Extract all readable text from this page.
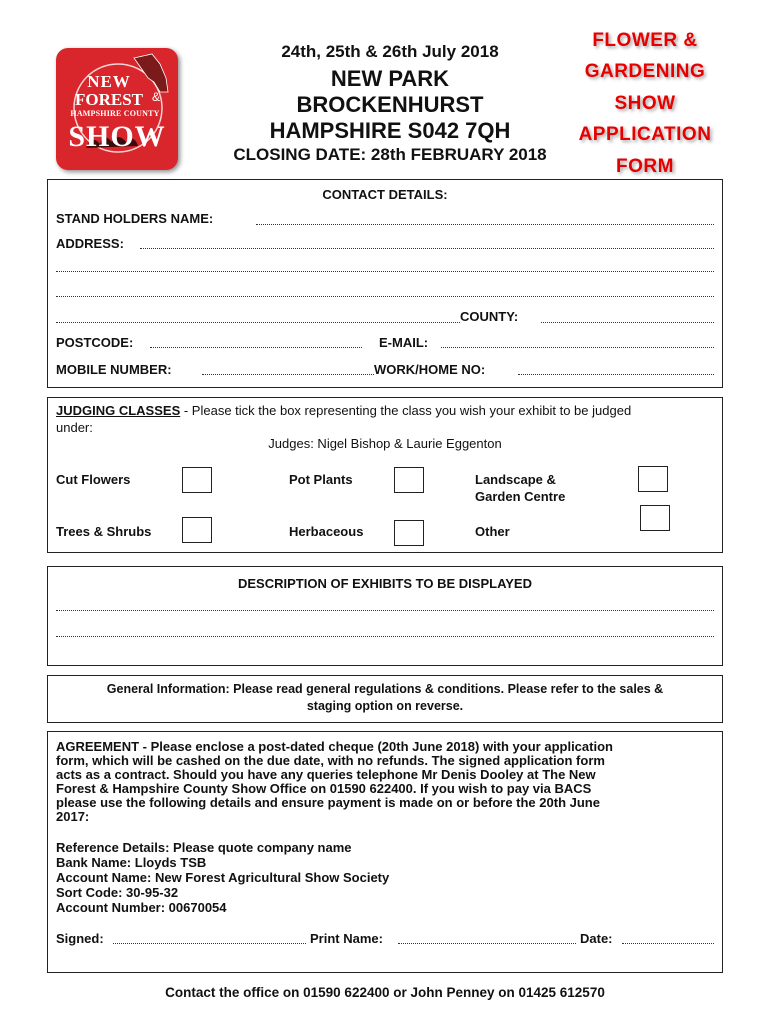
NEW
FOREST &
HAMPSHIRE COUNTY
SHOW
24th, 25th & 26th July 2018
NEW PARK
BROCKENHURST
HAMPSHIRE S042 7QH
CLOSING DATE: 28th FEBRUARY 2018
FLOWER &
GARDENING
SHOW
APPLICATION
FORM
CONTACT DETAILS:
STAND HOLDERS NAME:
ADDRESS:
COUNTY:
POSTCODE:	E-MAIL:
MOBILE NUMBER:	WORK/HOME NO:
JUDGING CLASSES - Please tick the box representing the class you wish your exhibit to be judged
under:
Judges: Nigel Bishop & Laurie Eggenton
Cut Flowers	Pot Plants	Landscape &
Garden Centre
Trees & Shrubs	Herbaceous	Other
DESCRIPTION OF EXHIBITS TO BE DISPLAYED
General Information: Please read general regulations & conditions. Please refer to the sales &
staging option on reverse.
AGREEMENT - Please enclose a post-dated cheque (20th June 2018) with your application
form, which will be cashed on the due date, with no refunds. The signed application form
acts as a contract. Should you have any queries telephone Mr Denis Dooley at The New
Forest & Hampshire County Show Office on 01590 622400. If you wish to pay via BACS
please use the following details and ensure payment is made on or before the 20th June
2017:
Reference Details: Please quote company name
Bank Name: Lloyds TSB
Account Name: New Forest Agricultural Show Society
Sort Code: 30-95-32
Account Number: 00670054
Signed:	Print Name:	Date:
Contact the office on 01590 622400 or John Penney on 01425 612570
